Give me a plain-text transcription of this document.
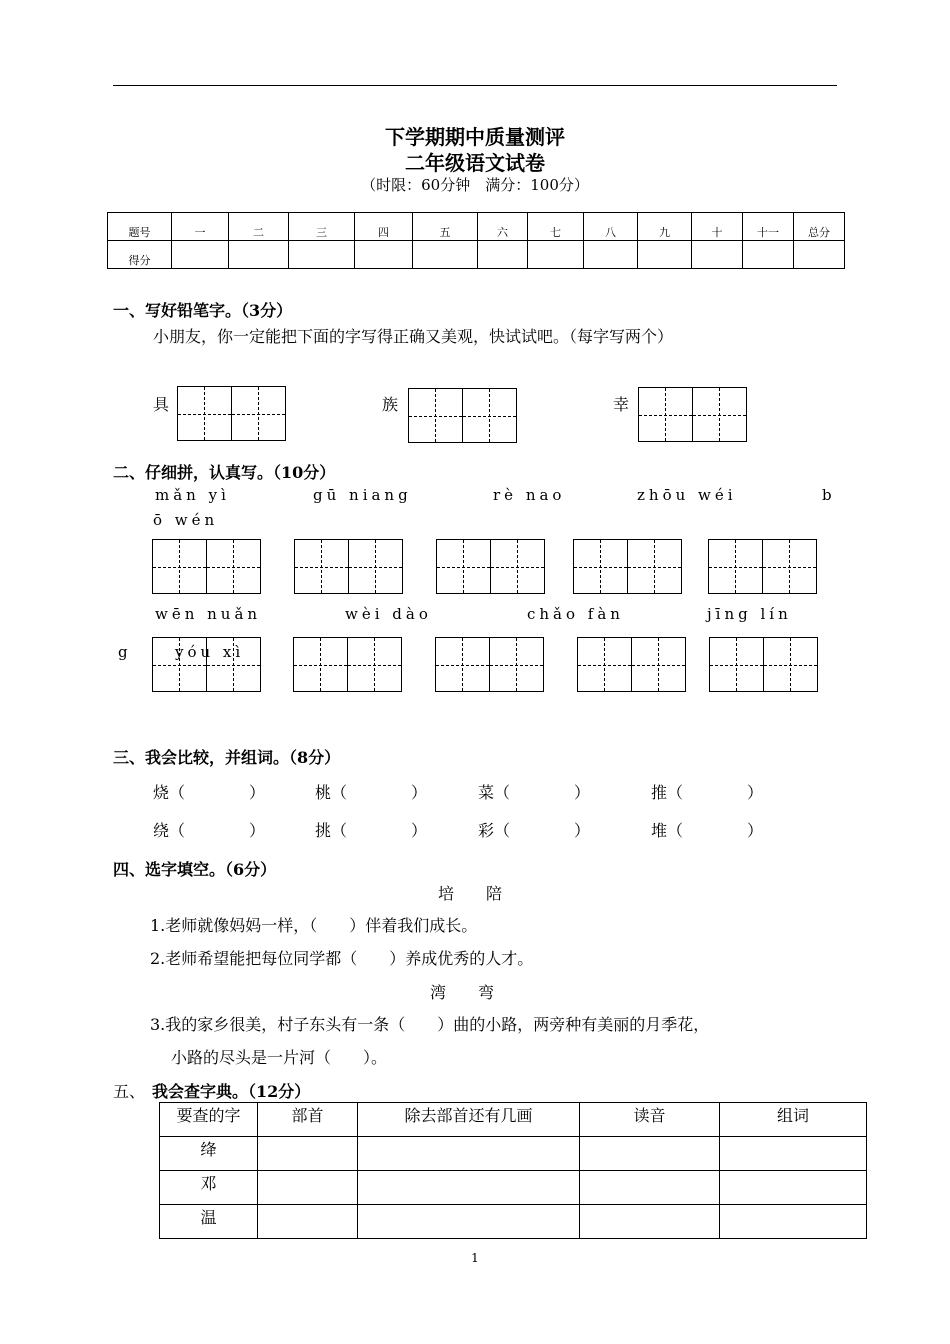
下学期期中质量测评
二年级语文试卷
（时限：60分钟　满分：100分）
题号	一	二	三	四	五	六	七	八	九	十	十一	总分
得分												
一、写好铅笔字。（3分）
小朋友，你一定能把下面的字写得正确又美观，快试试吧。（每字写两个）
具	族	幸
二、仔细拼，认真写。（10分）
mǎn yì	gū niang	rè nao	zhōu wéi	b
ō wén
wēn nuǎn	wèi dào	chǎo fàn	jīng lín
g	yóu xì
三、我会比较，并组词。（8分）
烧（　　　　）	桃（　　　　）	菜（　　　　）	推（　　　　）
绕（　　　　）	挑（　　　　）	彩（　　　　）	堆（　　　　）
四、选字填空。（6分）
培　　陪
1.老师就像妈妈一样，（　　）伴着我们成长。
2.老师希望能把每位同学都（　　）养成优秀的人才。
湾　　弯
3.我的家乡很美，村子东头有一条（　　）曲的小路，两旁种有美丽的月季花，
小路的尽头是一片河（　　）。
五、 我会查字典。（12分）
要查的字	部首	除去部首还有几画	读音	组词
绛				
邓				
温				
1
